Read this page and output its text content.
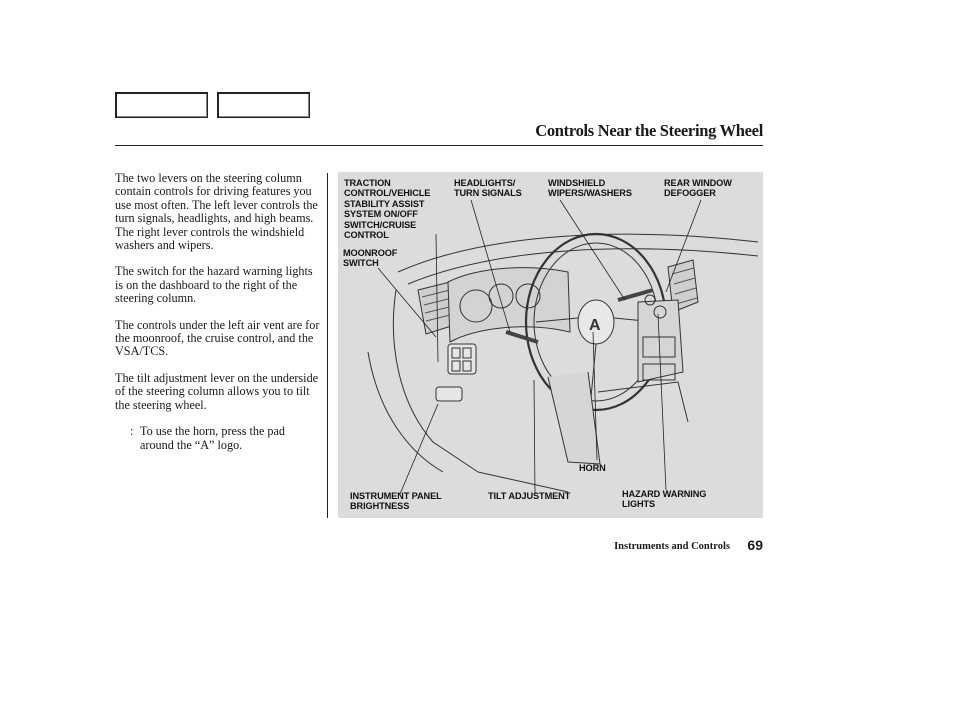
Controls Near the Steering Wheel

The two levers on the steering column contain controls for driving features you use most often. The left lever controls the turn signals, headlights, and high beams. The right lever controls the windshield washers and wipers.

The switch for the hazard warning lights is on the dashboard to the right of the steering column.

The controls under the left air vent are for the moonroof, the cruise control, and the VSA/TCS.

The tilt adjustment lever on the underside of the steering column allows you to tilt the steering wheel.

: To use the horn, press the pad around the “A” logo.
A
TRACTION
CONTROL/VEHICLE
STABILITY ASSIST
SYSTEM ON/OFF
SWITCH/CRUISE
CONTROL
MOONROOF
SWITCH
HEADLIGHTS/
TURN SIGNALS
WINDSHIELD
WIPERS/WASHERS
REAR WINDOW
DEFOGGER
HORN
INSTRUMENT PANEL
BRIGHTNESS
TILT ADJUSTMENT	HAZARD WARNING
LIGHTS
Instruments and Controls 69
